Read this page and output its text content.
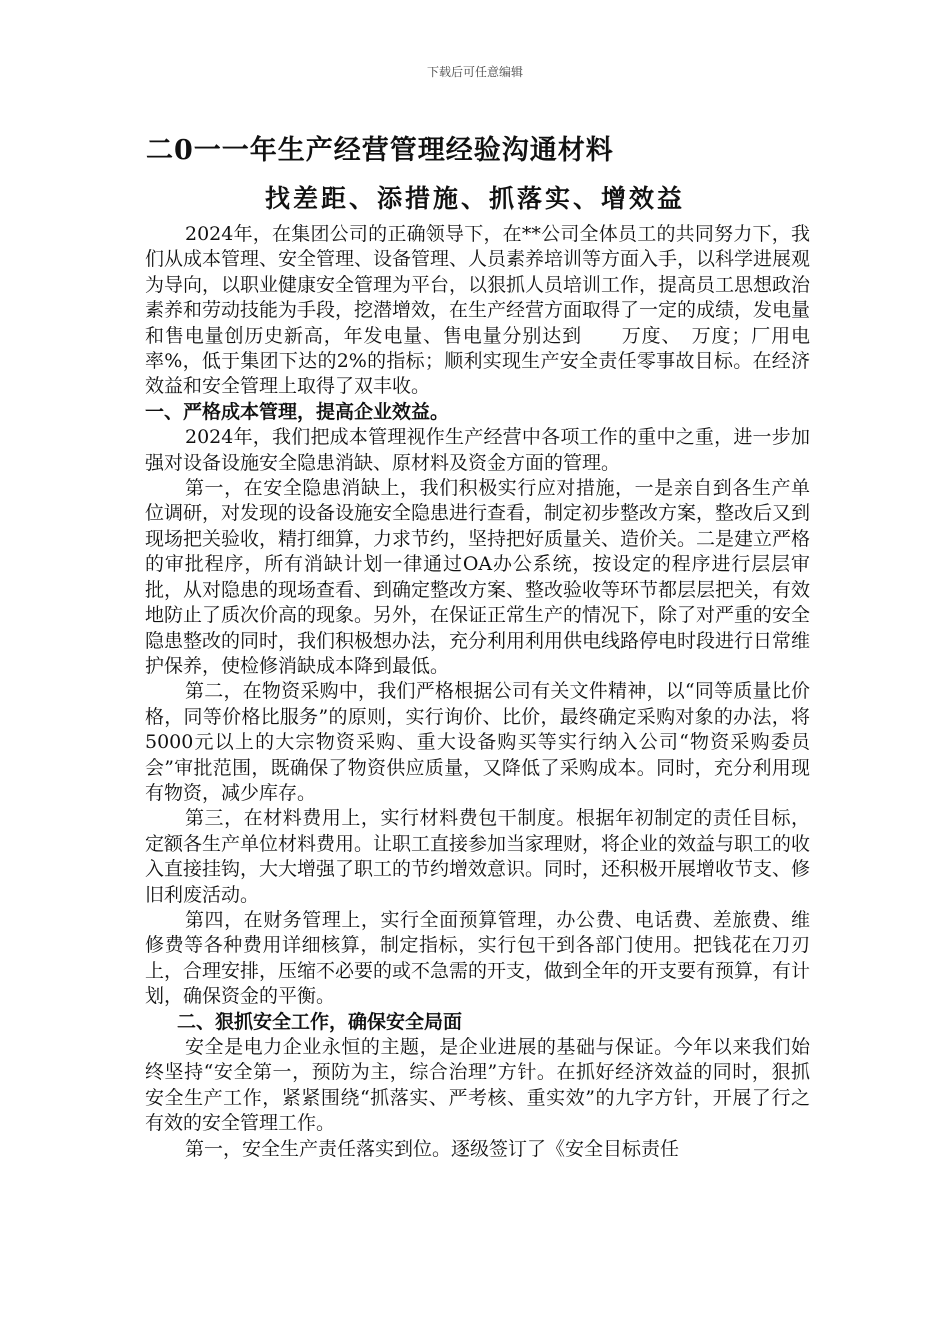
下载后可任意编辑
二0一一年生产经营管理经验沟通材料
找差距、添措施、抓落实、增效益

2024年，在集团公司的正确领导下，在**公司全体员工的共同努力下，我们从成本管理、安全管理、设备管理、人员素养培训等方面入手，以科学进展观为导向，以职业健康安全管理为平台，以狠抓人员培训工作，提高员工思想政治素养和劳动技能为手段，挖潜增效，在生产经营方面取得了一定的成绩，发电量和售电量创历史新高，年发电量、售电量分别达到　　万度、　万度；厂用电率%，低于集团下达的2%的指标；顺利实现生产安全责任零事故目标。在经济效益和安全管理上取得了双丰收。

一、严格成本管理，提高企业效益。

2024年，我们把成本管理视作生产经营中各项工作的重中之重，进一步加强对设备设施安全隐患消缺、原材料及资金方面的管理。

第一，在安全隐患消缺上，我们积极实行应对措施，一是亲自到各生产单位调研，对发现的设备设施安全隐患进行查看，制定初步整改方案，整改后又到现场把关验收，精打细算，力求节约，坚持把好质量关、造价关。二是建立严格的审批程序，所有消缺计划一律通过OA办公系统，按设定的程序进行层层审批，从对隐患的现场查看、到确定整改方案、整改验收等环节都层层把关，有效地防止了质次价高的现象。另外，在保证正常生产的情况下，除了对严重的安全隐患整改的同时，我们积极想办法，充分利用利用供电线路停电时段进行日常维护保养，使检修消缺成本降到最低。

第二，在物资采购中，我们严格根据公司有关文件精神，以“同等质量比价格，同等价格比服务”的原则，实行询价、比价，最终确定采购对象的办法，将5000元以上的大宗物资采购、重大设备购买等实行纳入公司“物资采购委员会”审批范围，既确保了物资供应质量，又降低了采购成本。同时，充分利用现有物资，减少库存。

第三，在材料费用上，实行材料费包干制度。根据年初制定的责任目标，定额各生产单位材料费用。让职工直接参加当家理财，将企业的效益与职工的收入直接挂钩，大大增强了职工的节约增效意识。同时，还积极开展增收节支、修旧利废活动。

第四，在财务管理上，实行全面预算管理，办公费、电话费、差旅费、维修费等各种费用详细核算，制定指标，实行包干到各部门使用。把钱花在刀刃上，合理安排，压缩不必要的或不急需的开支，做到全年的开支要有预算，有计划，确保资金的平衡。

二、狠抓安全工作，确保安全局面

安全是电力企业永恒的主题，是企业进展的基础与保证。今年以来我们始终坚持“安全第一，预防为主，综合治理”方针。在抓好经济效益的同时，狠抓安全生产工作，紧紧围绕“抓落实、严考核、重实效”的九字方针，开展了行之有效的安全管理工作。

第一，安全生产责任落实到位。逐级签订了《安全目标责任
